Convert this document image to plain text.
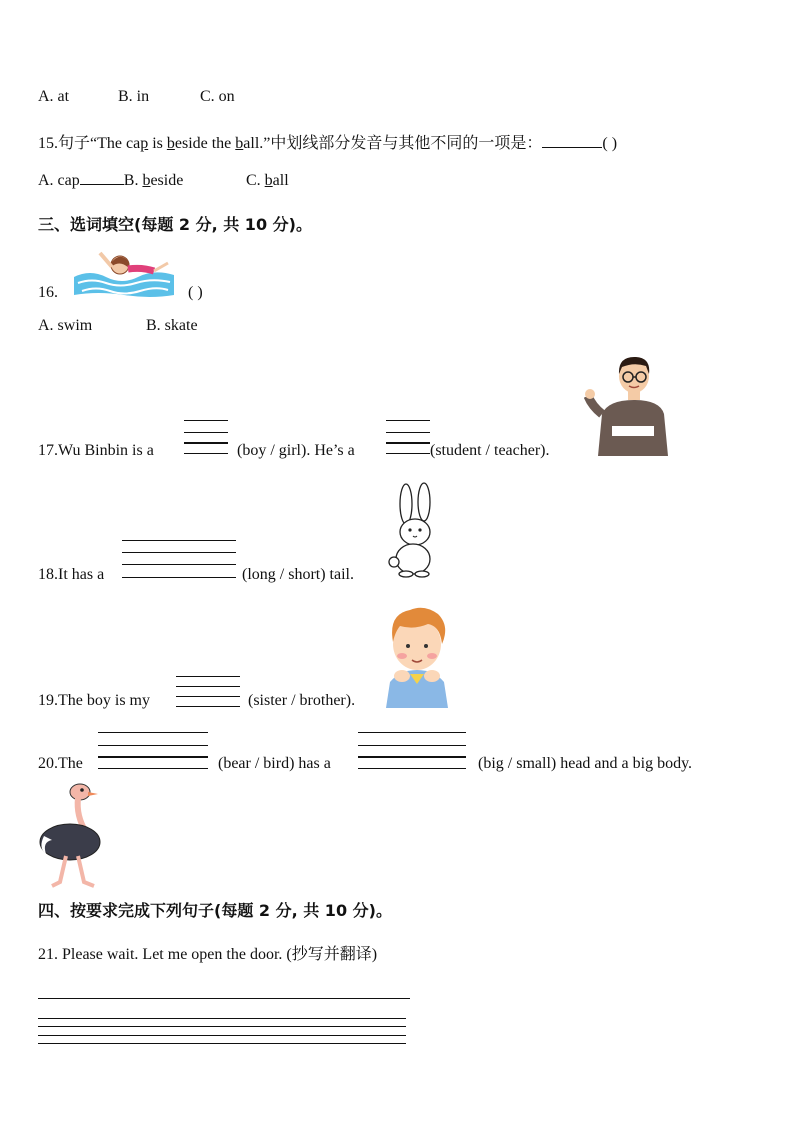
A. at	B. in	C. on
15.句子“The cap is beside the ball.”中划线部分发音与其他不同的一项是：	( )
A. cap	B. beside	C. ball
三、选词填空(每题 2 分, 共 10 分)。
16.	( )
A. swim	B. skate
17.Wu Binbin is a	(boy / girl). He’s a	(student / teacher).
18.It has a	(long / short) tail.
19.The boy is my	(sister / brother).
20.The	(bear / bird) has a	(big / small) head and a big body.
四、按要求完成下列句子(每题 2 分, 共 10 分)。
21. Please wait. Let me open the door. (抄写并翻译)
